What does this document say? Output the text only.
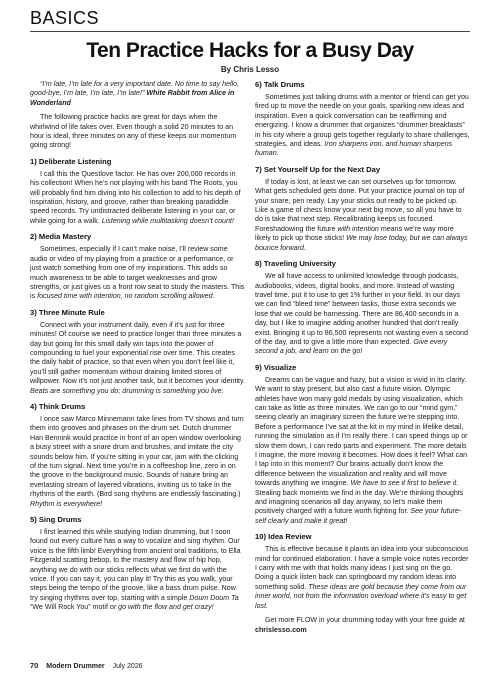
BASICS
Ten Practice Hacks for a Busy Day
By Chris Lesso

“I’m late, I’m late for a very important date. No time to say hello, good-bye, I’m late, I’m late, I’m late!” White Rabbit from Alice in Wonderland

The following practice hacks are great for days when the whirlwind of life takes over. Even though a solid 20 minutes to an hour is ideal, three minutes on any of these keeps our momentum going strong!

1) Deliberate Listening

I call this the Questlove factor. He has over 200,000 records in his collection! When he’s not playing with his band The Roots, you will probably find him diving into his collection to add to his depth of inspiration, history, and groove, rather than breaking paradiddle speed records. Try undistracted deliberate listening in your car, or while going for a walk. Listening while multitasking doesn’t count!

2) Media Mastery

Sometimes, especially if I can’t make noise, I’ll review some audio or video of my playing from a practice or a performance, or just watch something from one of my inspirations. This adds so much awareness to be able to target weaknesses and grow strengths, or just gives us a front row seat to study the masters. This is focused time with intention, no random scrolling allowed.

3) Three Minute Rule

Connect with your instrument daily, even if it’s just for three minutes! Of course we need to practice longer than three minutes a day but going for this small daily win taps into the power of compounding to fuel your exponential rise over time. This creates the daily habit of practice, so that even when you don’t feel like it, you’ll still gather momentum without draining limited stores of willpower. Now it’s not just another task, but it becomes your identity. Beats are something you do; drumming is something you live.

4) Think Drums

I once saw Marco Minnemann take lines from TV shows and turn them into grooves and phrases on the drum set. Dutch drummer Han Bennink would practice in front of an open window overlooking a busy street with a snare drum and brushes, and imitate the city sounds below him. If you’re sitting in your car, jam with the clicking of the turn signal. Next time you’re in a coffeeshop line, zero in on the groove in the background music. Sounds of nature bring an everlasting stream of layered vibrations, inviting us to take in the rhythms of the earth. (Bird song rhythms are endlessly fascinating.) Rhythm is everywhere!

5) Sing Drums

I first learned this while studying Indian drumming, but I soon found out every culture has a way to vocalize and sing rhythm. Our voice is the fifth limb! Everything from ancient oral traditions, to Ella Fitzgerald scatting bebop, to the mastery and flow of hip hop, anything we do with our sticks reflects what we first do with the voice. If you can say it, you can play it! Try this as you walk, your steps being the tempo of the groove, like a bass drum pulse. Now try singing rhythms over top, starting with a simple Doum Doum Ta “We Will Rock You” motif or go with the flow and get crazy!

6) Talk Drums

Sometimes just talking drums with a mentor or friend can get you fired up to move the needle on your goals, sparking new ideas and inspiration. Even a quick conversation can be reaffirming and energizing. I know a drummer that organizes “drummer breakfasts” in his city where a group gets together regularly to share challenges, strategies, and ideas. Iron sharpens iron, and human sharpens human.

7) Set Yourself Up for the Next Day

If today is lost, at least we can set ourselves up for tomorrow. What gets scheduled gets done. Put your practice journal on top of your snare, pen ready. Lay your sticks out ready to be picked up. Like a game of chess know your next big move, so all you have to do is take that next step. Recalibrating keeps us focused. Foreshadowing the future with intention means we’re way more likely to pick up those sticks! We may lose today, but we can always bounce forward.

8) Traveling University

We all have access to unlimited knowledge through podcasts, audiobooks, videos, digital books, and more. Instead of wasting travel time, put it to use to get 1% further in your field. In our days we can find “bleed time” between tasks, those extra seconds we lose that we could be harnessing. There are 86,400 seconds in a day, but I like to imagine adding another hundred that don’t really exist. Bringing it up to 86,500 represents not wasting even a second of the day, and to give a little more than expected. Give every second a job, and learn on the go!

9) Visualize

Dreams can be vague and hazy, but a vision is vivid in its clarity. We want to stay present, but also cast a future vision. Olympic athletes have won many gold medals by using visualization, which can take as little as three minutes. We can go to our “mind gym,” seeing clearly an imaginary screen the future we’re stepping into. Before a performance I’ve sat at the kit in my mind in lifelike detail, running the simulation as if I’m really there. I can speed things up or slow them down, I can redo parts and experiment. The more details I imagine, the more moving it becomes. How does it feel? What can I tap into in this moment? Our brains actually don’t know the difference between the visualization and reality and will move towards anything we imagine. We have to see it first to believe it. Stealing back moments we find in the day. We’re thinking thoughts and imagining scenarios all day anyway, so let’s make them positively charged with a future worth fighting for. See your future-self clearly and make it great!

10) Idea Review

This is effective because it plants an idea into your subconscious mind for continued elaboration. I have a simple voice notes recorder I carry with me with that holds many ideas I just sing on the go. Doing a quick listen back can springboard my random ideas into something solid. These ideas are gold because they come from our inner world, not from the information overload where it’s easy to get lost.

Get more FLOW in your drumming today with your free guide at chrislesso.com

70 Modern Drummer July 2026
